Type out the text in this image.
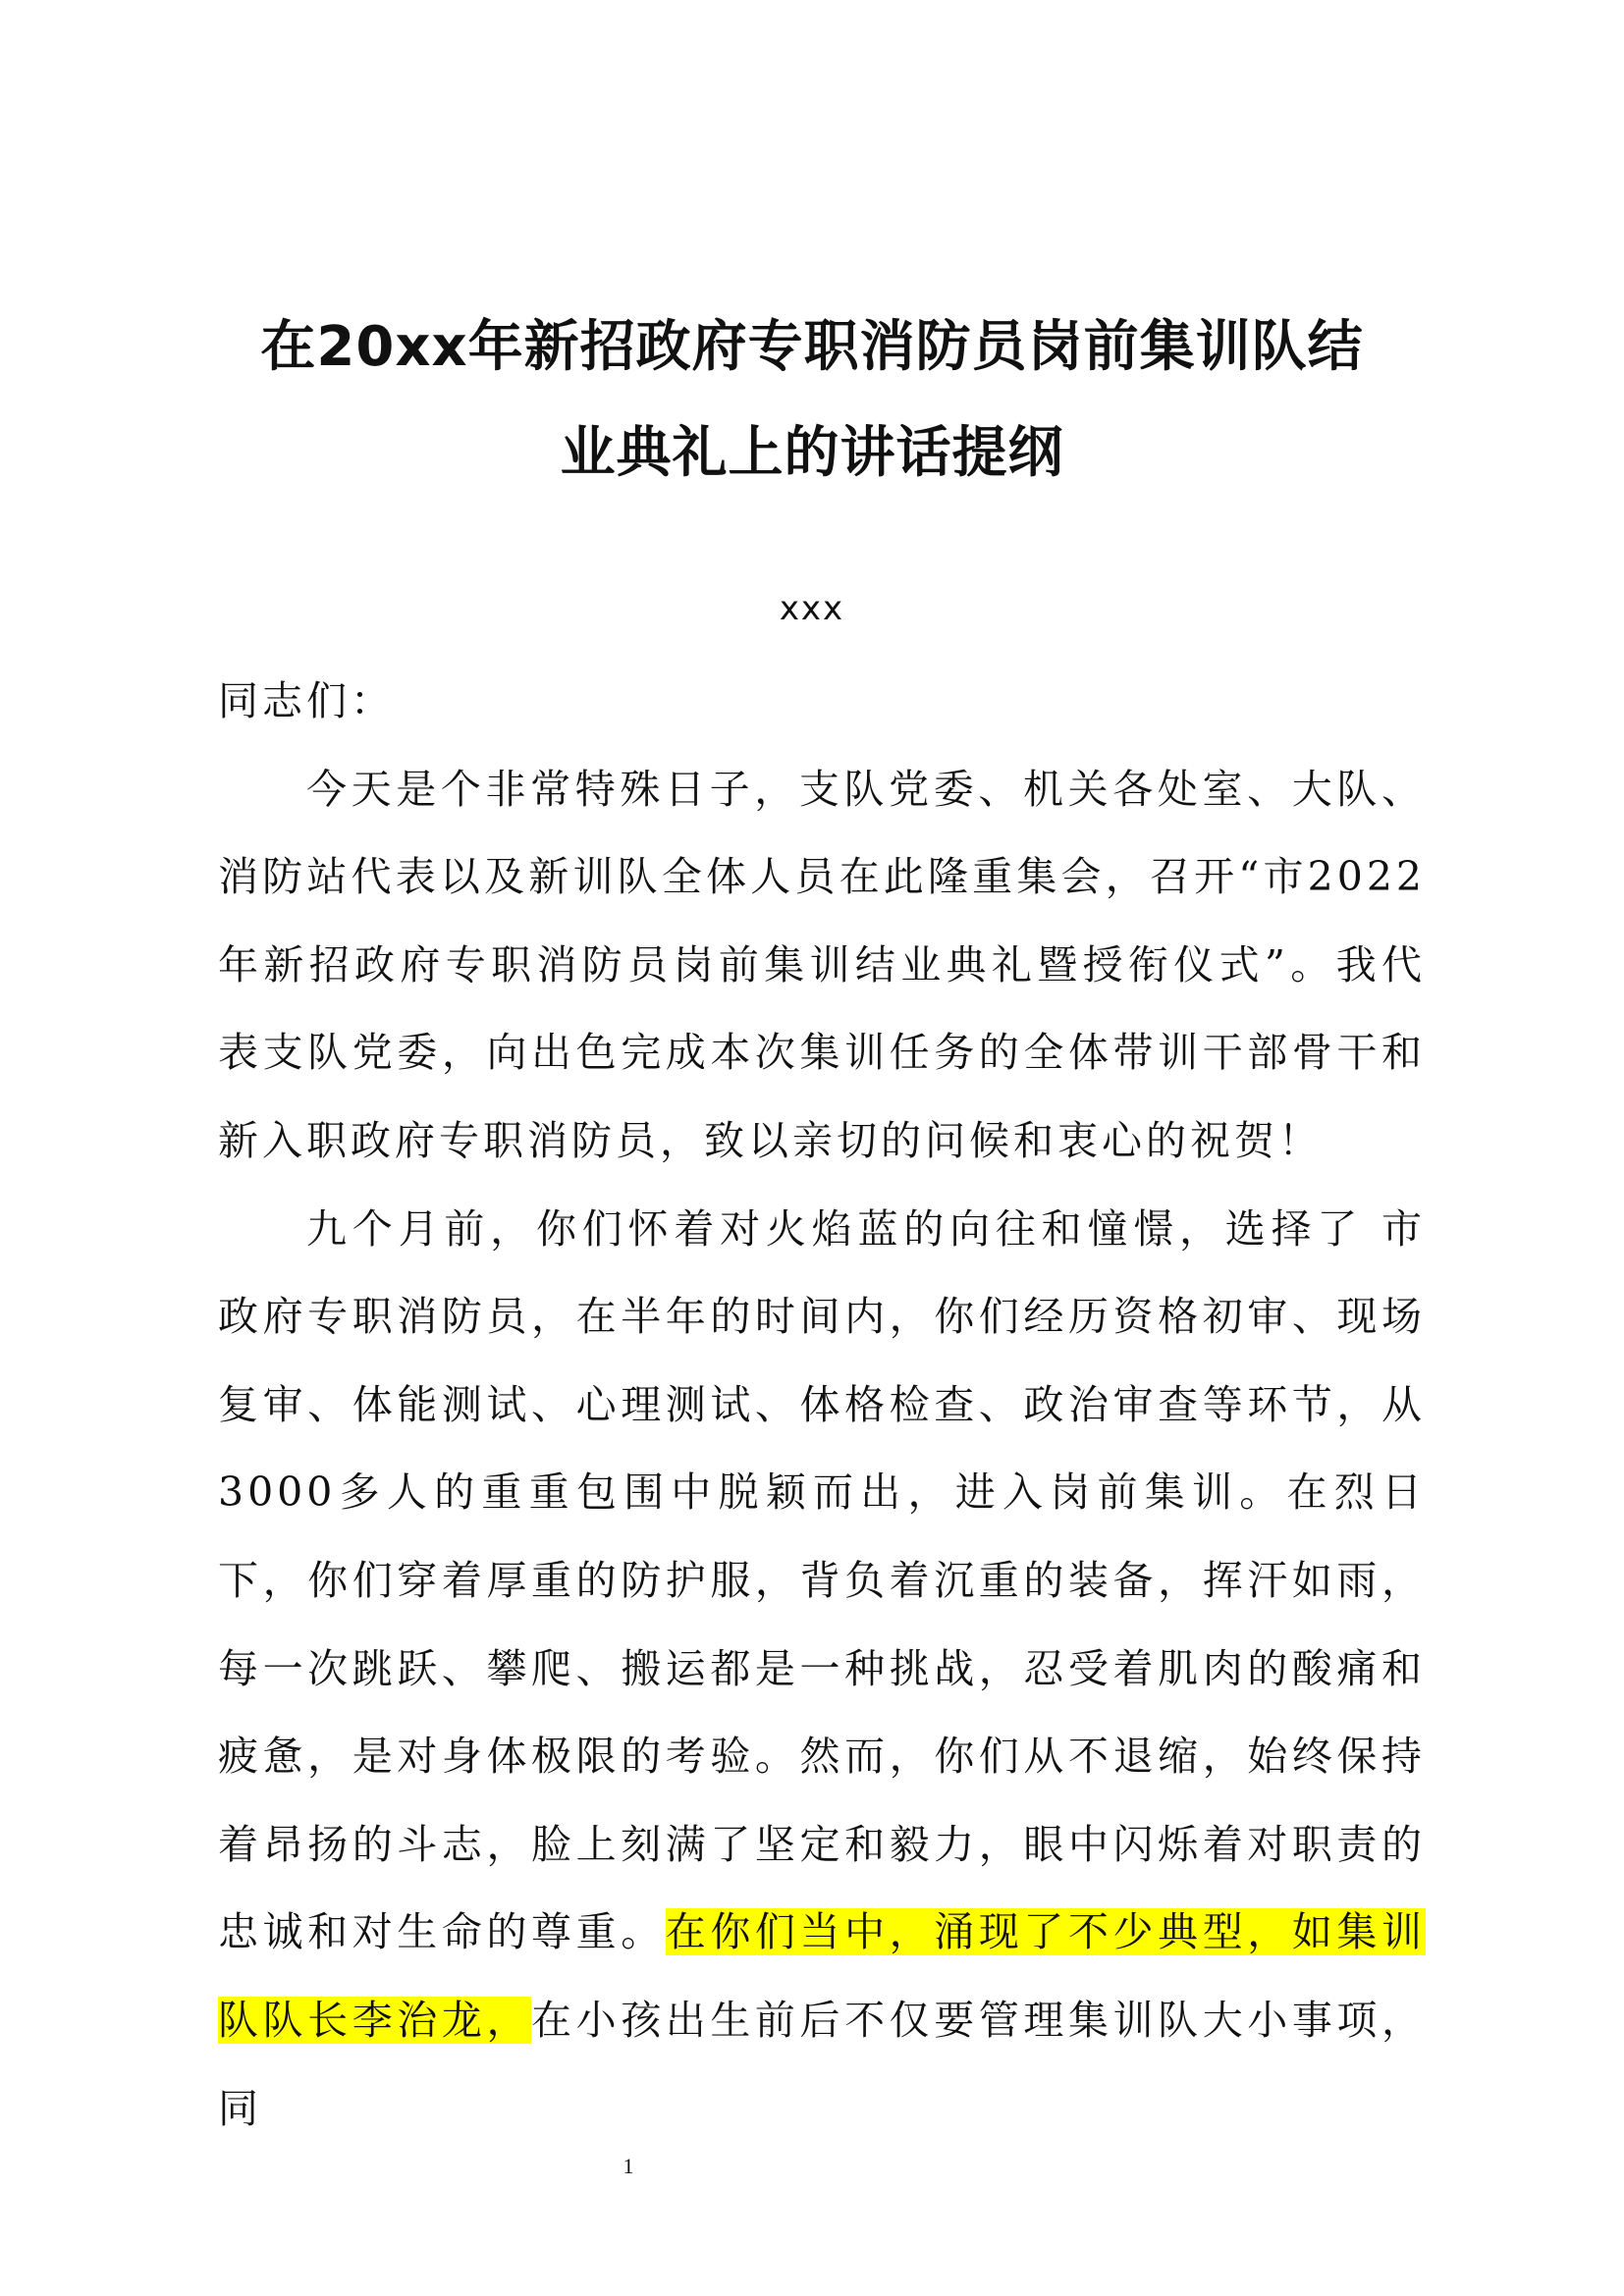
在20xx年新招政府专职消防员岗前集训队结
业典礼上的讲话提纲
xxx

同志们：

今天是个非常特殊日子，支队党委、机关各处室、大队、消防站代表以及新训队全体人员在此隆重集会，召开“市2022年新招政府专职消防员岗前集训结业典礼暨授衔仪式”。我代表支队党委，向出色完成本次集训任务的全体带训干部骨干和新入职政府专职消防员，致以亲切的问候和衷心的祝贺！

九个月前，你们怀着对火焰蓝的向往和憧憬，选择了 市政府专职消防员，在半年的时间内，你们经历资格初审、现场复审、体能测试、心理测试、体格检查、政治审查等环节，从3000多人的重重包围中脱颖而出，进入岗前集训。在烈日下，你们穿着厚重的防护服，背负着沉重的装备，挥汗如雨，每一次跳跃、攀爬、搬运都是一种挑战，忍受着肌肉的酸痛和疲惫，是对身体极限的考验。然而，你们从不退缩，始终保持着昂扬的斗志，脸上刻满了坚定和毅力，眼中闪烁着对职责的忠诚和对生命的尊重。在你们当中，涌现了不少典型，如集训队队长李治龙，在小孩出生前后不仅要管理集训队大小事项，同

1
